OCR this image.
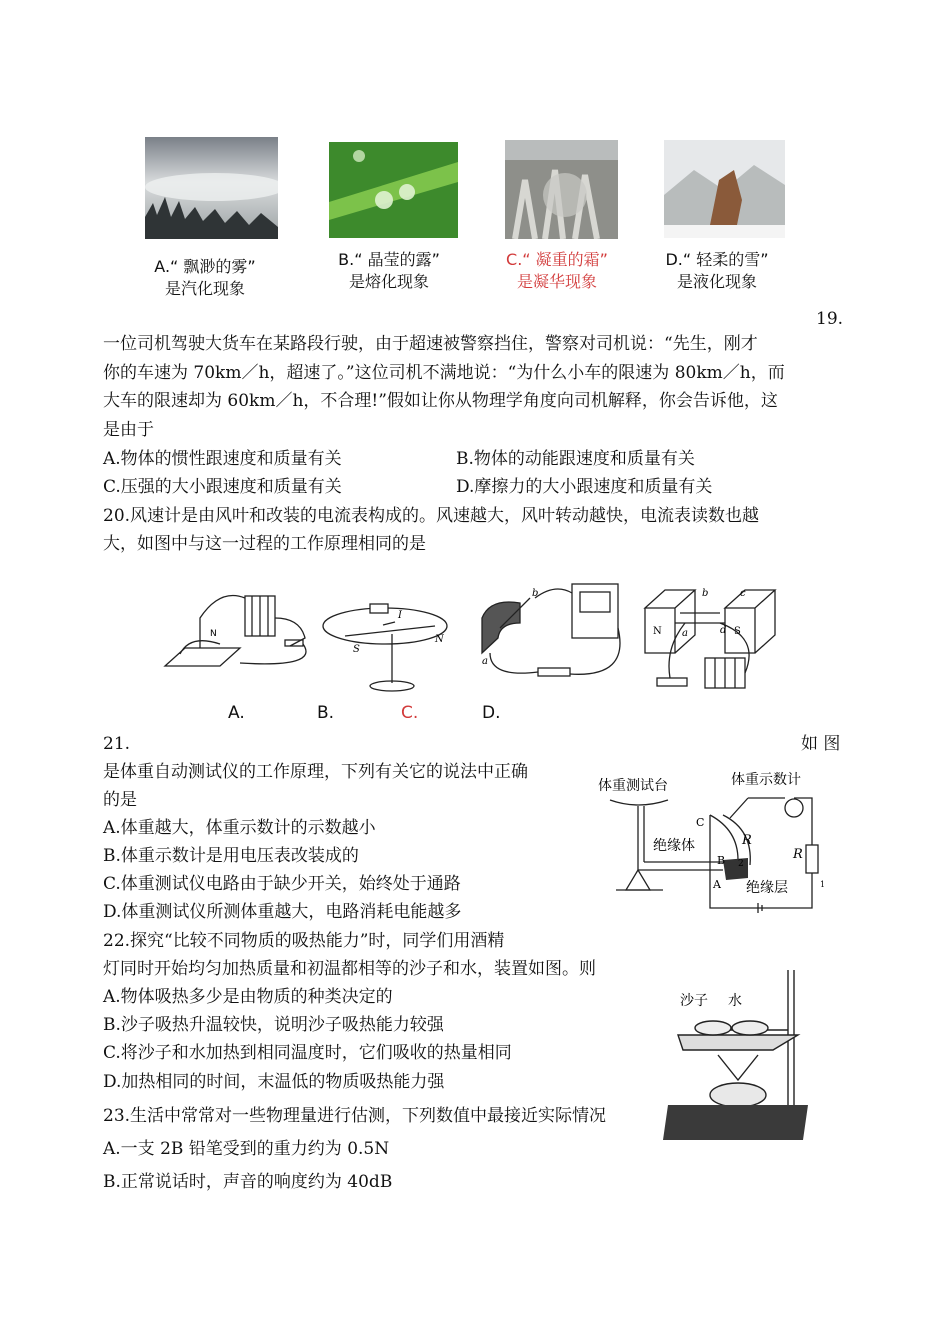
A.“ 飘渺的雾”
是汽化现象
B.“ 晶莹的露”
是熔化现象
C.“ 凝重的霜”
是凝华现象
D.“ 轻柔的雪”
是液化现象
19.
一位司机驾驶大货车在某路段行驶，由于超速被警察挡住，警察对司机说：“先生，刚才
你的车速为 70km／h，超速了。”这位司机不满地说：“为什么小车的限速为 80km／h，而
大车的限速却为 60km／h，不合理!”假如让你从物理学角度向司机解释，你会告诉他，这
是由于
A.物体的惯性跟速度和质量有关	B.物体的动能跟速度和质量有关
C.压强的大小跟速度和质量有关	D.摩擦力的大小跟速度和质量有关
20.风速计是由风叶和改装的电流表构成的。风速越大，风叶转动越快，电流表读数也越
大，如图中与这一过程的工作原理相同的是
N
I
S
N
a
b
N	S
b	c
a	d
A.	B.	C.	D.
21.	如 图
是体重自动测试仪的工作原理，下列有关它的说法中正确
的是
A.体重越大，体重示数计的示数越小
B.体重示数计是用电压表改装成的
C.体重测试仪电路由于缺少开关，始终处于通路
D.体重测试仪所测体重越大，电路消耗电能越多
体重测试台	体重示数计
绝缘体
绝缘层
R
R
1
2
A
B
C
22.探究“比较不同物质的吸热能力”时，同学们用酒精
灯同时开始均匀加热质量和初温都相等的沙子和水，装置如图。则
A.物体吸热多少是由物质的种类决定的
B.沙子吸热升温较快，说明沙子吸热能力较强
C.将沙子和水加热到相同温度时，它们吸收的热量相同
D.加热相同的时间，末温低的物质吸热能力强
沙子 水
23.生活中常常对一些物理量进行估测，下列数值中最接近实际情况
A.一支 2B 铅笔受到的重力约为 0.5N
B.正常说话时，声音的响度约为 40dB
